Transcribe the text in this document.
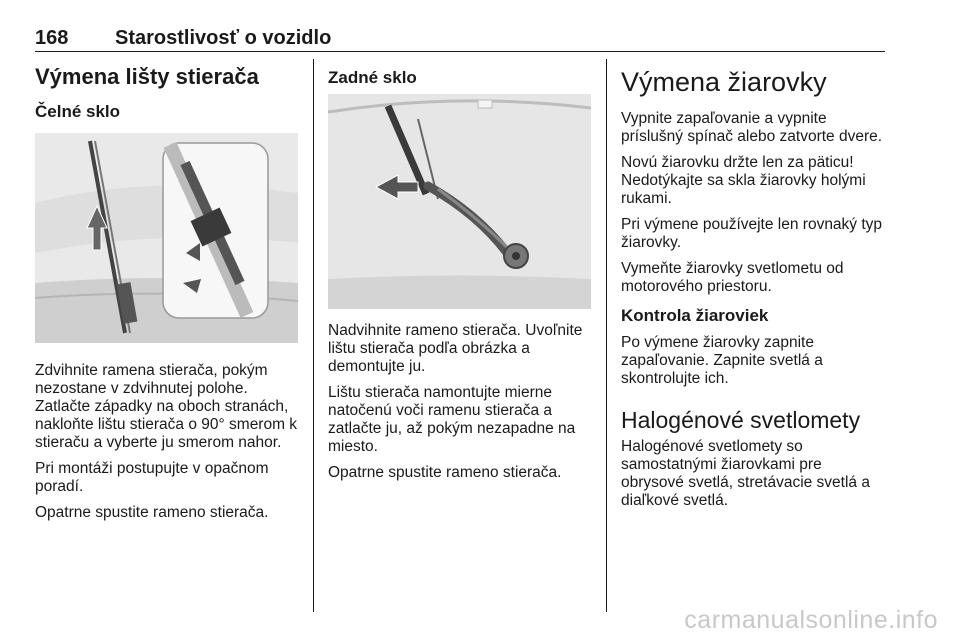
168 Starostlivosť o vozidlo
Výmena lišty stierača
Čelné sklo

Zdvihnite ramena stierača, pokým nezostane v zdvihnutej polohe. Zatlačte západky na oboch stranách, nakloňte lištu stierača o 90° smerom k stieraču a vyberte ju smerom nahor.

Pri montáži postupujte v opačnom poradí.

Opatrne spustite rameno stierača.

Zadné sklo

Nadvihnite rameno stierača. Uvoľnite lištu stierača podľa obrázka a demontujte ju.

Lištu stierača namontujte mierne natočenú voči ramenu stierača a zatlačte ju, až pokým nezapadne na miesto.

Opatrne spustite rameno stierača.

Výmena žiarovky

Vypnite zapaľovanie a vypnite príslušný spínač alebo zatvorte dvere.

Novú žiarovku držte len za päticu! Nedotýkajte sa skla žiarovky holými rukami.

Pri výmene používejte len rovnaký typ žiarovky.

Vymeňte žiarovky svetlometu od motorového priestoru.

Kontrola žiaroviek

Po výmene žiarovky zapnite zapaľovanie. Zapnite svetlá a skontrolujte ich.

Halogénové svetlomety

Halogénové svetlomety so samostatnými žiarovkami pre obrysové svetlá, stretávacie svetlá a diaľkové svetlá.

carmanualsonline.info
